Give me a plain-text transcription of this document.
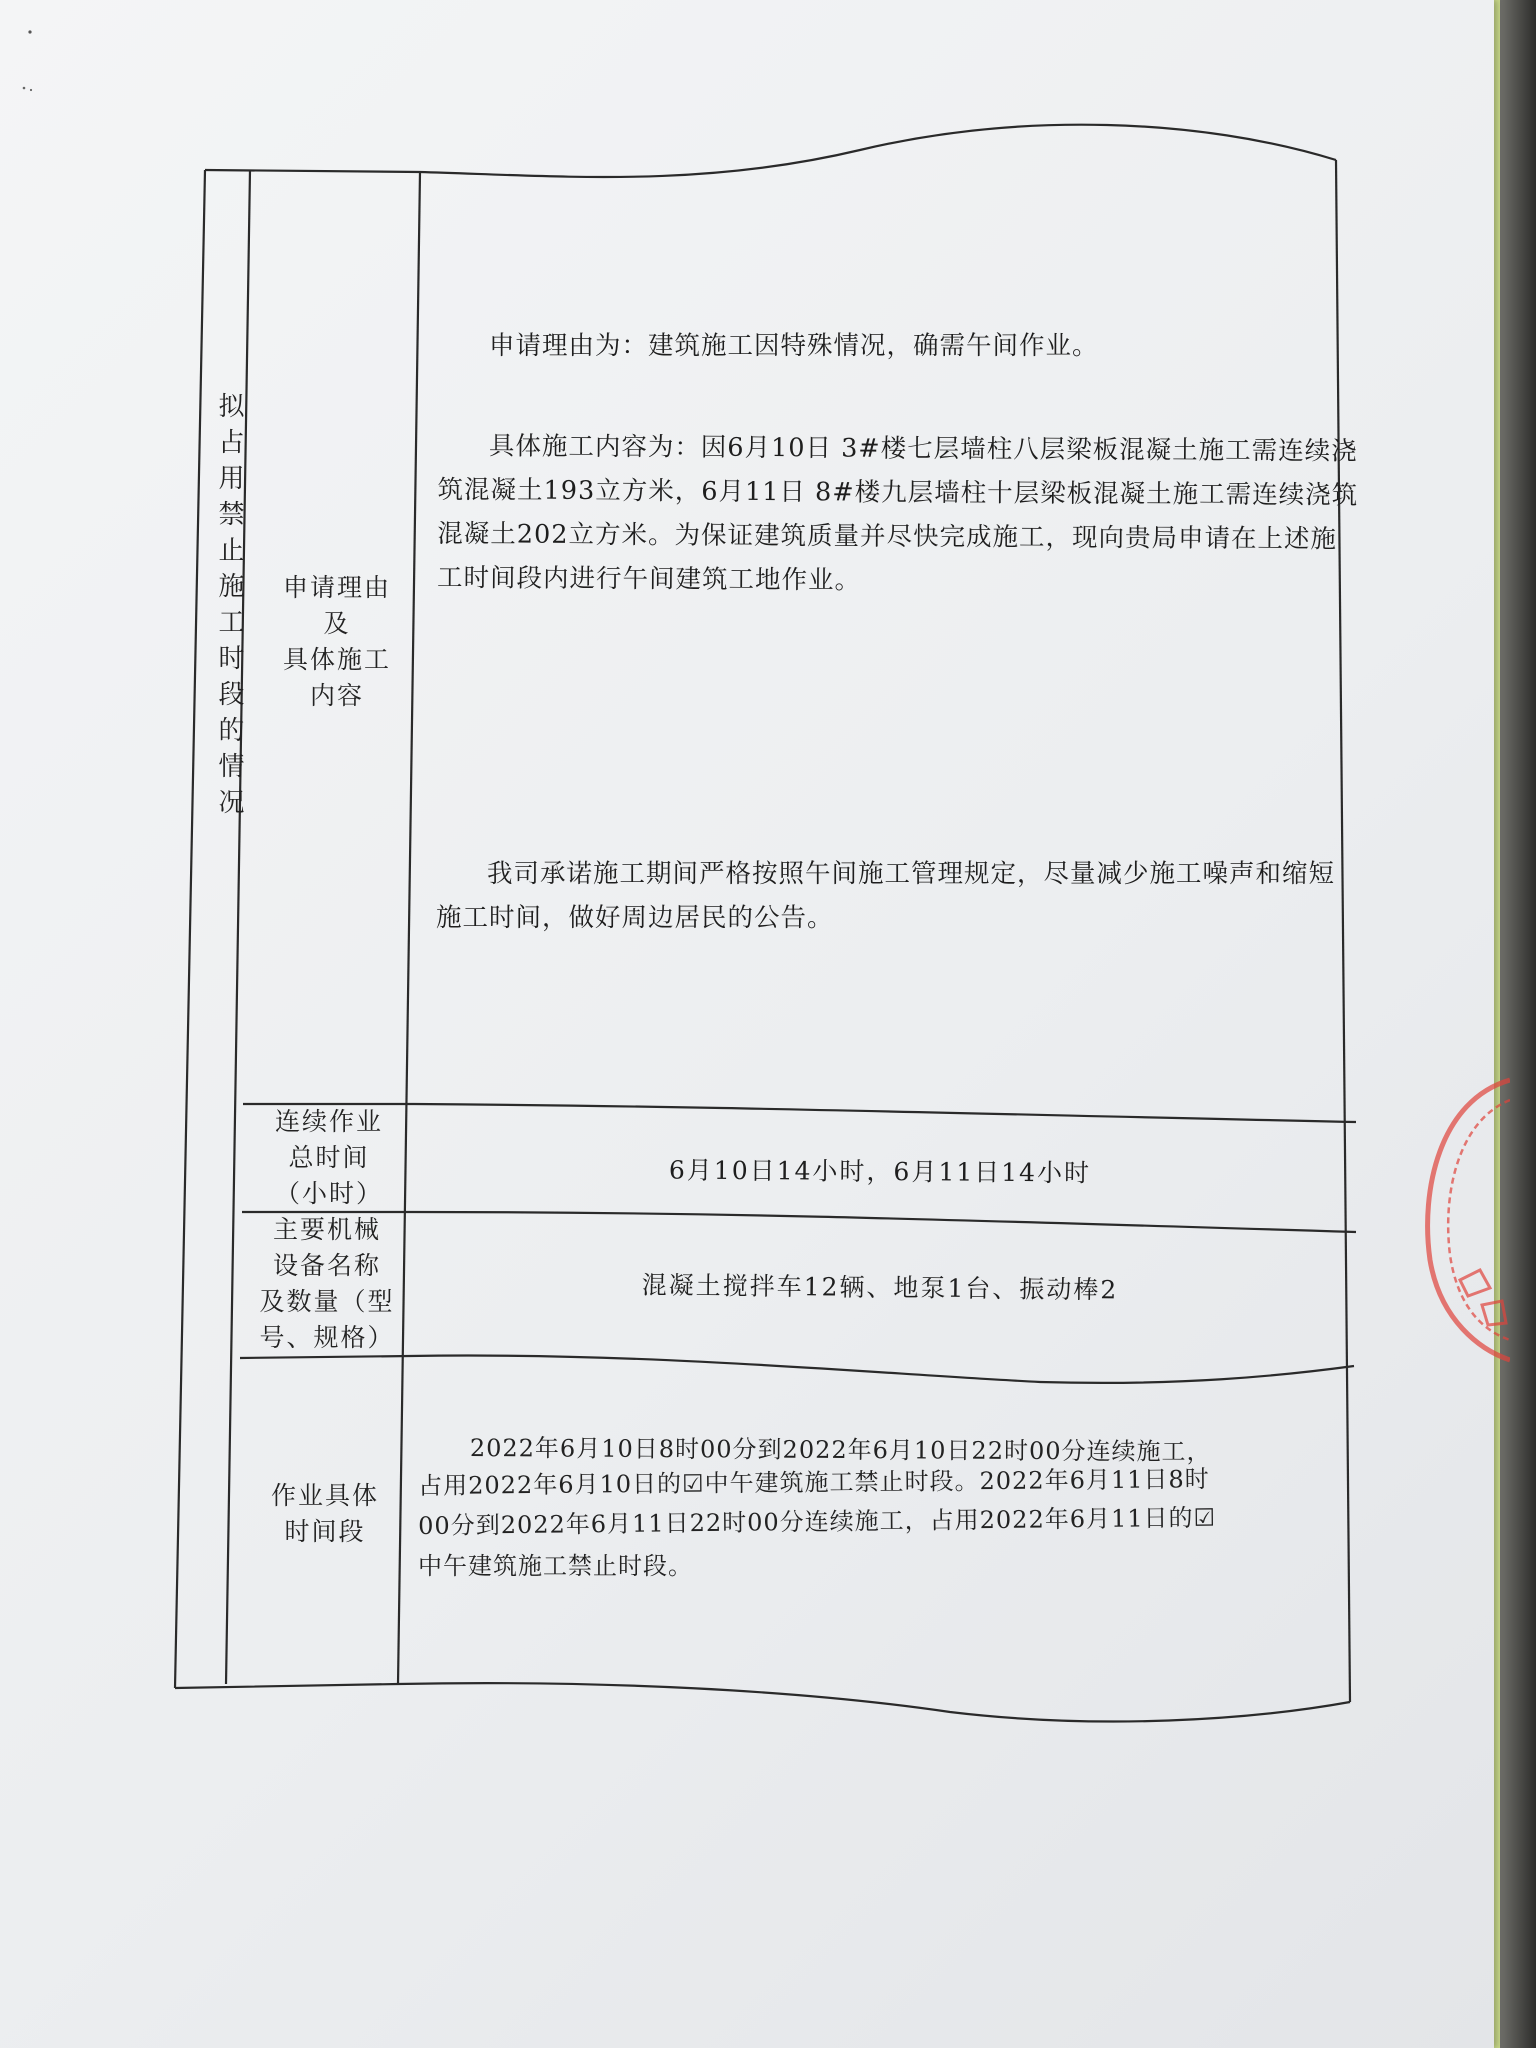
拟占用禁止施工时段的情况	申请理由
及
具体施工
内容
申请理由为：建筑施工因特殊情况，确需午间作业。
具体施工内容为：因6月10日 3#楼七层墙柱八层梁板混凝土施工需连续浇筑混凝土193立方米，6月11日 8#楼九层墙柱十层梁板混凝土施工需连续浇筑混凝土202立方米。为保证建筑质量并尽快完成施工，现向贵局申请在上述施工时间段内进行午间建筑工地作业。
我司承诺施工期间严格按照午间施工管理规定，尽量减少施工噪声和缩短施工时间，做好周边居民的公告。
连续作业
总时间
（小时）
6月10日14小时，6月11日14小时
主要机械
设备名称
及数量（型
号、规格）
混凝土搅拌车12辆、地泵1台、振动棒2
作业具体
时间段
2022年6月10日8时00分到2022年6月10日22时00分连续施工，
占用2022年6月10日的☑中午建筑施工禁止时段。2022年6月11日8时
00分到2022年6月11日22时00分连续施工，占用2022年6月11日的☑
中午建筑施工禁止时段。
